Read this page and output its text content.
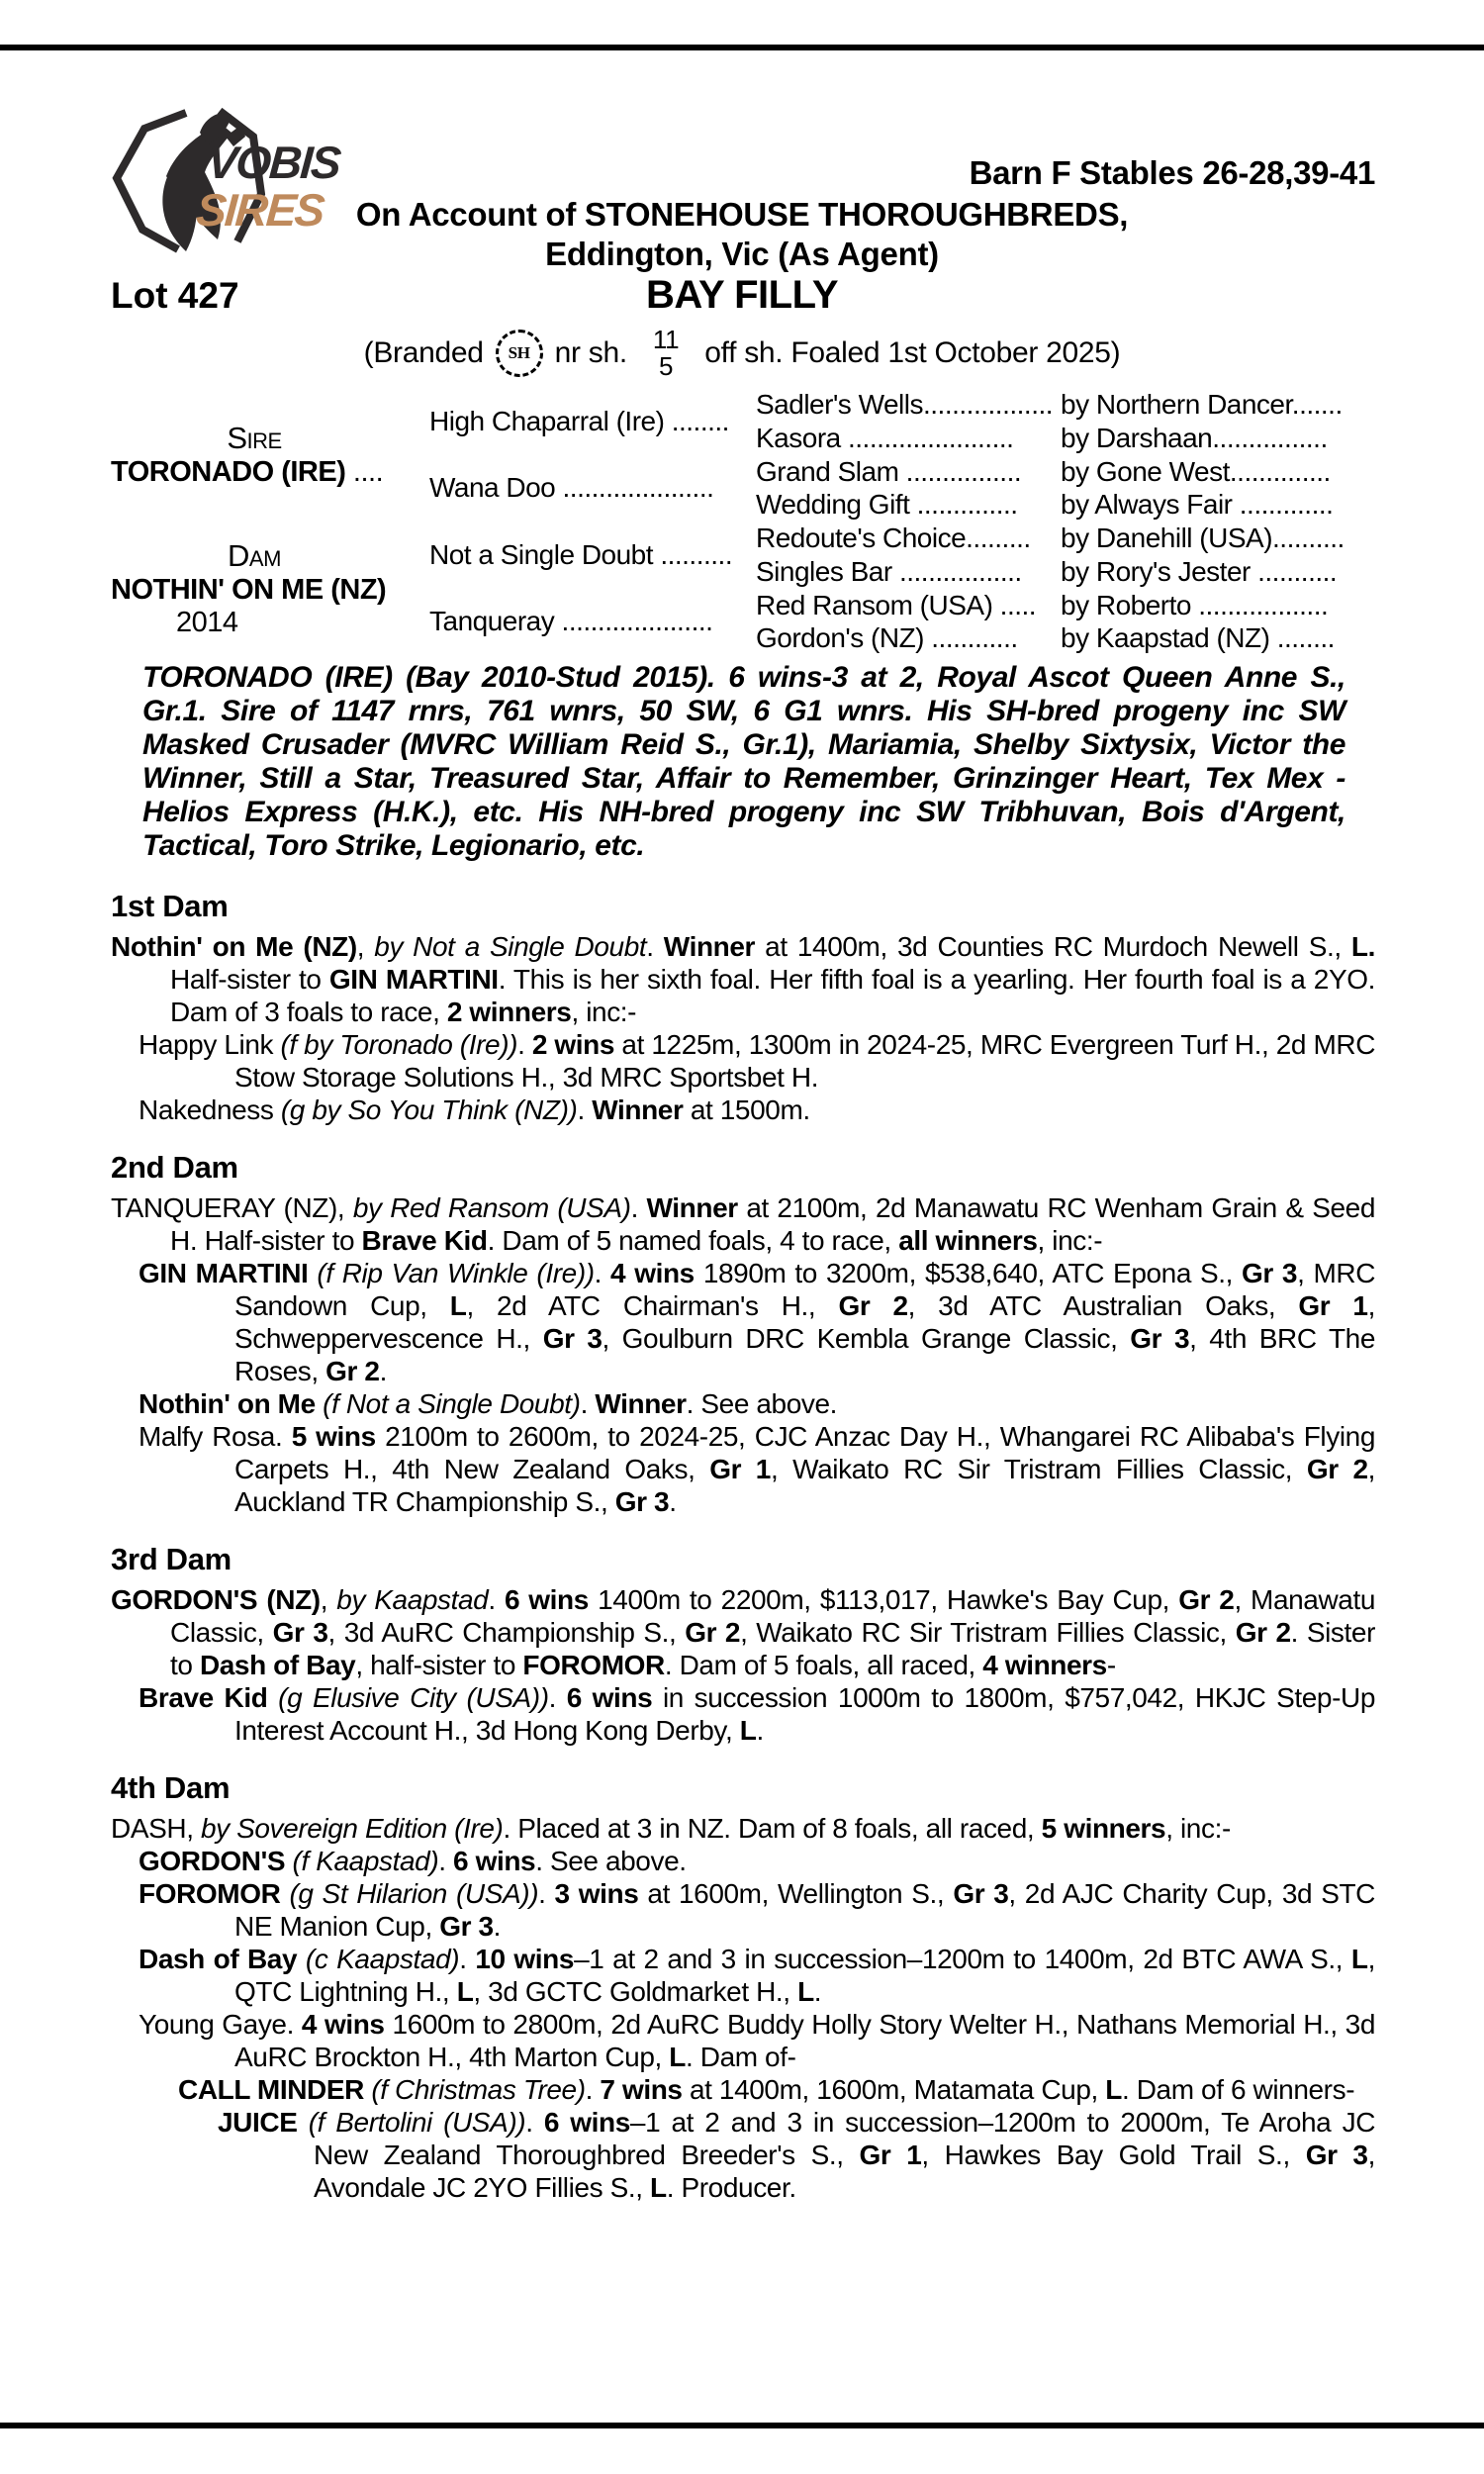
VOBIS
SIRES
Barn F Stables 26-28,39-41
On Account of STONEHOUSE THOROUGHBREDS,
Eddington, Vic (As Agent)
Lot 427	BAY FILLY
(Branded	SH nr sh. 11
5 off sh. Foaled 1st October 2025)
Sire
TORONADO (IRE) ....
Dam
NOTHIN' ON ME (NZ)
2014
High Chaparral (Ire) ........
Wana Doo .....................
Not a Single Doubt ..........
Tanqueray .....................
Sadler's Wells..................
Kasora .......................
Grand Slam ................
Wedding Gift ..............
Redoute's Choice.........
Singles Bar .................
Red Ransom (USA) .....
Gordon's (NZ) ............
by Northern Dancer.......
by Darshaan................
by Gone West..............
by Always Fair .............
by Danehill (USA)..........
by Rory's Jester ...........
by Roberto ..................
by Kaapstad (NZ) ........
TORONADO (IRE) (Bay 2010-Stud 2015). 6 wins-3 at 2, Royal Ascot Queen Anne S., Gr.1. Sire of 1147 rnrs, 761 wnrs, 50 SW, 6 G1 wnrs. His SH-bred progeny inc SW Masked Crusader (MVRC William Reid S., Gr.1), Mariamia, Shelby Sixtysix, Victor the Winner, Still a Star, Treasured Star, Affair to Remember, Grinzinger Heart, Tex Mex - Helios Express (H.K.), etc. His NH-bred progeny inc SW Tribhuvan, Bois d'Argent, Tactical, Toro Strike, Legionario, etc.
1st Dam
Nothin' on Me (NZ), by Not a Single Doubt. Winner at 1400m, 3d Counties RC Murdoch Newell S., L. Half-sister to GIN MARTINI. This is her sixth foal. Her fifth foal is a yearling. Her fourth foal is a 2YO. Dam of 3 foals to race, 2 winners, inc:-
Happy Link (f by Toronado (Ire)). 2 wins at 1225m, 1300m in 2024-25, MRC Evergreen Turf H., 2d MRC Stow Storage Solutions H., 3d MRC Sportsbet H.
Nakedness (g by So You Think (NZ)). Winner at 1500m.
2nd Dam
TANQUERAY (NZ), by Red Ransom (USA). Winner at 2100m, 2d Manawatu RC Wenham Grain & Seed H. Half-sister to Brave Kid. Dam of 5 named foals, 4 to race, all winners, inc:-
GIN MARTINI (f Rip Van Winkle (Ire)). 4 wins 1890m to 3200m, $538,640, ATC Epona S., Gr 3, MRC Sandown Cup, L, 2d ATC Chairman's H., Gr 2, 3d ATC Australian Oaks, Gr 1, Schweppervescence H., Gr 3, Goulburn DRC Kembla Grange Classic, Gr 3, 4th BRC The Roses, Gr 2.
Nothin' on Me (f Not a Single Doubt). Winner. See above.
Malfy Rosa. 5 wins 2100m to 2600m, to 2024-25, CJC Anzac Day H., Whangarei RC Alibaba's Flying Carpets H., 4th New Zealand Oaks, Gr 1, Waikato RC Sir Tristram Fillies Classic, Gr 2, Auckland TR Championship S., Gr 3.
3rd Dam
GORDON'S (NZ), by Kaapstad. 6 wins 1400m to 2200m, $113,017, Hawke's Bay Cup, Gr 2, Manawatu Classic, Gr 3, 3d AuRC Championship S., Gr 2, Waikato RC Sir Tristram Fillies Classic, Gr 2. Sister to Dash of Bay, half-sister to FOROMOR. Dam of 5 foals, all raced, 4 winners-
Brave Kid (g Elusive City (USA)). 6 wins in succession 1000m to 1800m, $757,042, HKJC Step-Up Interest Account H., 3d Hong Kong Derby, L.
4th Dam
DASH, by Sovereign Edition (Ire). Placed at 3 in NZ. Dam of 8 foals, all raced, 5 winners, inc:-
GORDON'S (f Kaapstad). 6 wins. See above.
FOROMOR (g St Hilarion (USA)). 3 wins at 1600m, Wellington S., Gr 3, 2d AJC Charity Cup, 3d STC NE Manion Cup, Gr 3.
Dash of Bay (c Kaapstad). 10 wins–1 at 2 and 3 in succession–1200m to 1400m, 2d BTC AWA S., L, QTC Lightning H., L, 3d GCTC Goldmarket H., L.
Young Gaye. 4 wins 1600m to 2800m, 2d AuRC Buddy Holly Story Welter H., Nathans Memorial H., 3d AuRC Brockton H., 4th Marton Cup, L. Dam of-
CALL MINDER (f Christmas Tree). 7 wins at 1400m, 1600m, Matamata Cup, L. Dam of 6 winners-
JUICE (f Bertolini (USA)). 6 wins–1 at 2 and 3 in succession–1200m to 2000m, Te Aroha JC New Zealand Thoroughbred Breeder's S., Gr 1, Hawkes Bay Gold Trail S., Gr 3, Avondale JC 2YO Fillies S., L. Producer.
